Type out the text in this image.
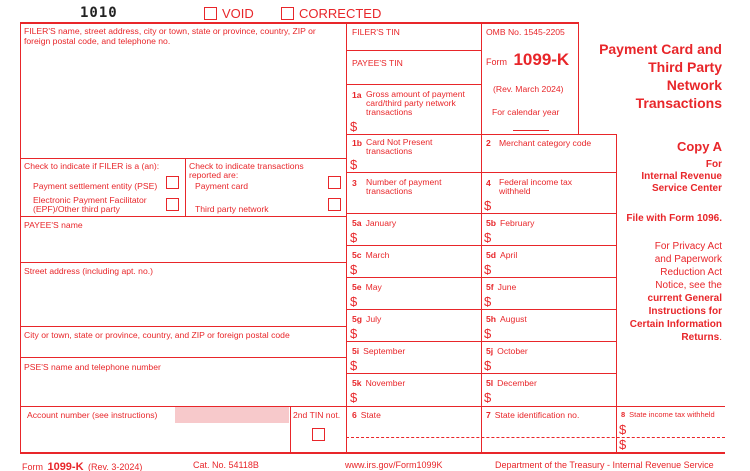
1010	VOID	CORRECTED
FILER'S name, street address, city or town, state or province, country, ZIP or foreign postal code, and telephone no.
Check to indicate if FILER is a (an):
Payment settlement entity (PSE)
Electronic Payment Facilitator
(EPF)/Other third party
Check to indicate transactions
reported are:
Payment card
Third party network
PAYEE'S name
Street address (including apt. no.)
City or town, state or province, country, and ZIP or foreign postal code
PSE'S name and telephone number
Account number (see instructions)	2nd TIN not.
FILER'S TIN
PAYEE'S TIN
1a Gross amount of payment card/third party network transactions
$
OMB No. 1545-2205
Form 1099-K
(Rev. March 2024)
For calendar year
Payment Card and
Third Party
Network
Transactions
1b Card Not Present transactions
$
2 Merchant category code
3	Number of payment transactions
4 Federal income tax withheld
$
5a January
$
5b February
$
5c March
$
5d April
$
5e May
$
5f June
$
5g July
$
5h August
$
5i September
$
5j October
$
5k November
$
5l December
$
6 State	7 State identification no.	8 State income tax withheld
$
$
Copy A
For
Internal Revenue
Service Center
File with Form 1096.
For Privacy Act
and Paperwork
Reduction Act
Notice, see the
current General
Instructions for
Certain Information
Returns.
Form 1099-K (Rev. 3-2024)	Cat. No. 54118B	www.irs.gov/Form1099K	Department of the Treasury - Internal Revenue Service
